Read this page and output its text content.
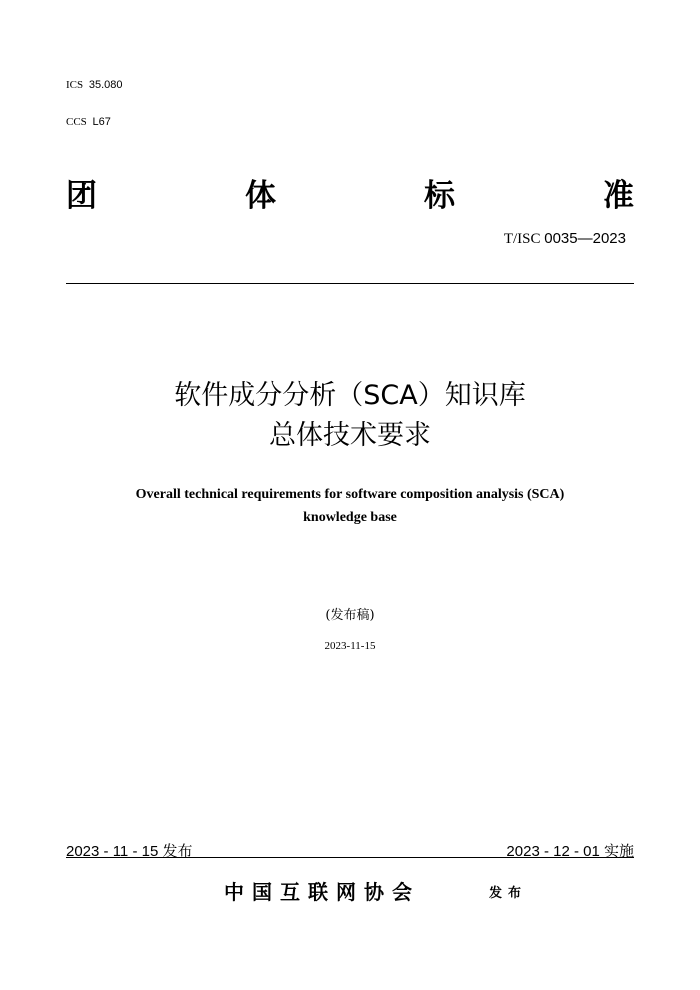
ICS 35.080
CCS L67
团	体	标	准
T/ISC 0035—2023
软件成分分析（SCA）知识库
总体技术要求
Overall technical requirements for software composition analysis (SCA)
knowledge base
(发布稿)
2023-11-15
2023 - 11 - 15 发布	2023 - 12 - 01 实施
中国互联网协会	发布
